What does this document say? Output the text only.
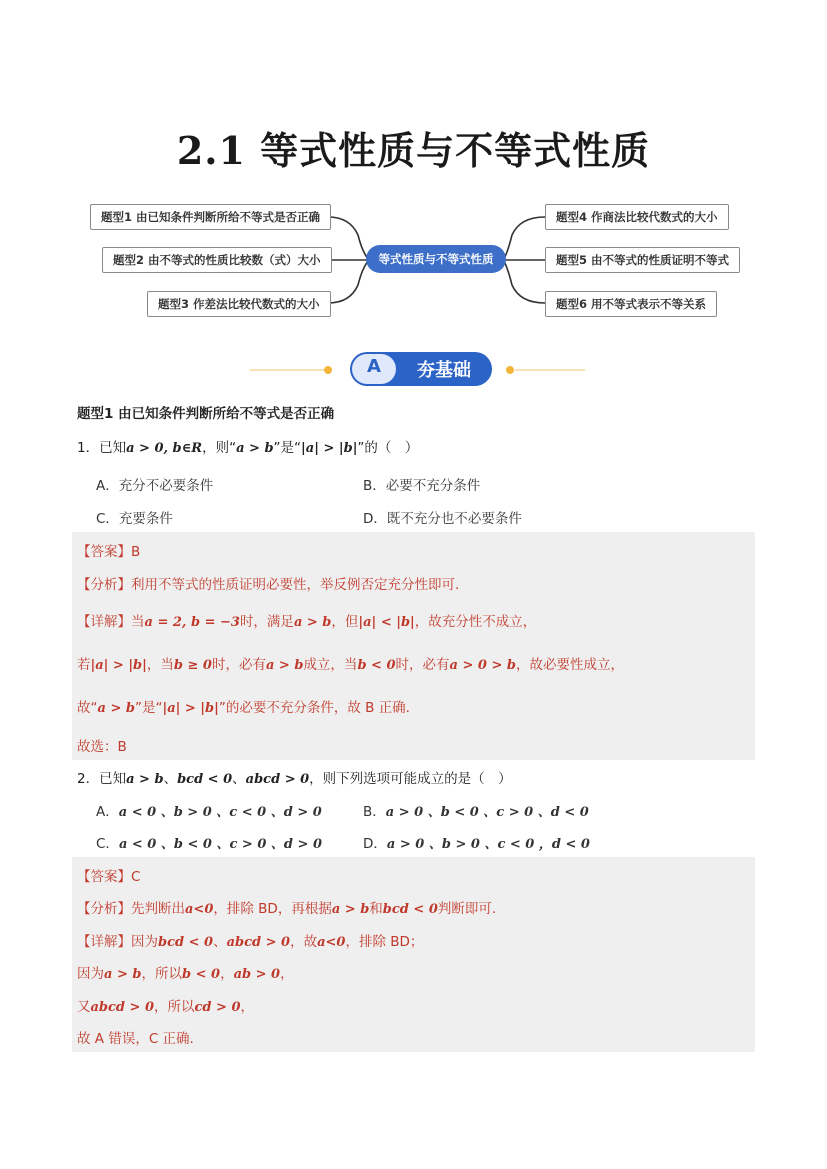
2.1 等式性质与不等式性质
题型1 由已知条件判断所给不等式是否正确
题型2 由不等式的性质比较数（式）大小
题型3 作差法比较代数式的大小
等式性质与不等式性质
题型4 作商法比较代数式的大小
题型5 由不等式的性质证明不等式
题型6 用不等式表示不等关系
A	夯基础
题型1 由已知条件判断所给不等式是否正确
1．已知a > 0, b∈R，则“a > b”是“|a| > |b|”的（　）
A．充分不必要条件	B．必要不充分条件
C．充要条件	D．既不充分也不必要条件
【答案】B
【分析】利用不等式的性质证明必要性，举反例否定充分性即可.
【详解】当a = 2, b = −3时，满足a > b，但|a| < |b|，故充分性不成立，
若|a| > |b|，当b ≥ 0时，必有a > b成立，当b < 0时，必有a > 0 > b，故必要性成立，
故“a > b”是“|a| > |b|”的必要不充分条件，故 B 正确.
故选：B
2．已知a > b、bcd < 0、abcd > 0，则下列选项可能成立的是（　）
A．a < 0 、b > 0 、c < 0 、d > 0	B．a > 0 、b < 0 、c > 0 、d < 0
C．a < 0 、b < 0 、c > 0 、d > 0	D．a > 0 、b > 0 、c < 0 ，d < 0
【答案】C
【分析】先判断出a<0，排除 BD，再根据a > b和bcd < 0判断即可.
【详解】因为bcd < 0、abcd > 0，故a<0，排除 BD；
因为a > b，所以b < 0，ab > 0，
又abcd > 0，所以cd > 0，
故 A 错误，C 正确.
